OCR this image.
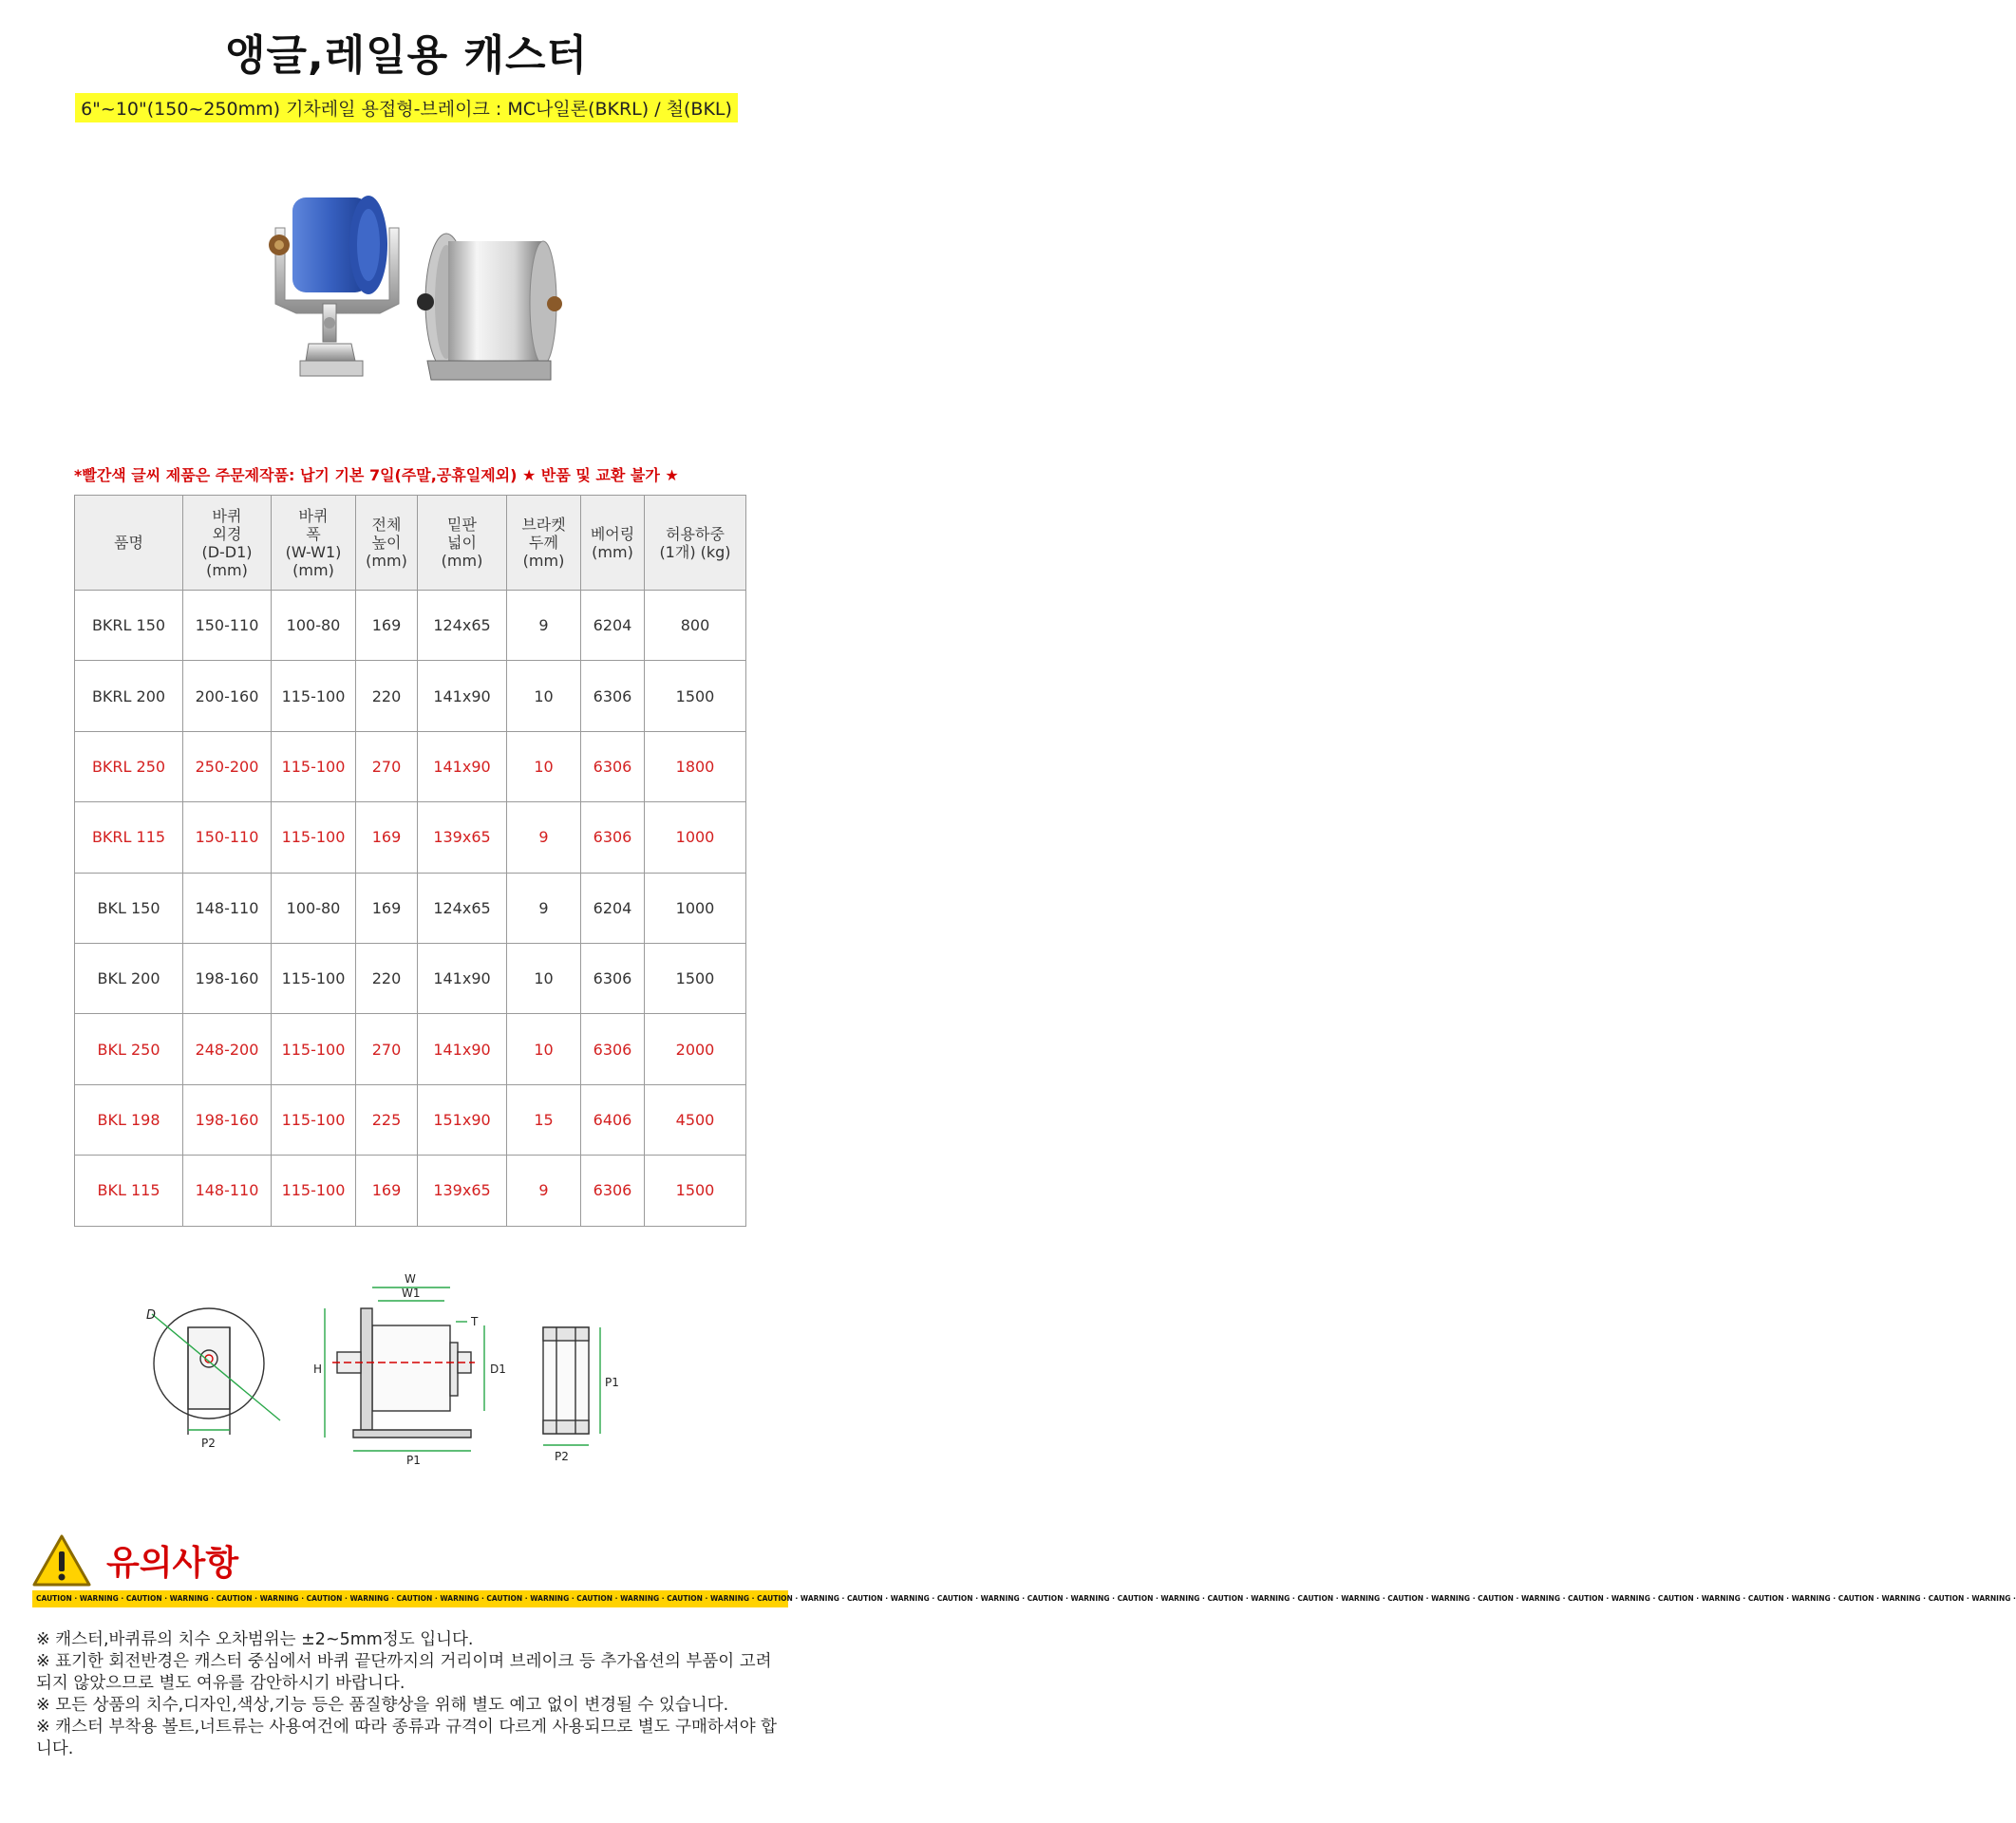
앵글,레일용 캐스터
6"~10"(150~250mm) 기차레일 용접형-브레이크 : MC나일론(BKRL) / 철(BKL)
*빨간색 글씨 제품은 주문제작품: 납기 기본 7일(주말,공휴일제외) ★ 반품 및 교환 불가 ★
품명	바퀴
외경
(D-D1)
(mm)	바퀴
폭
(W-W1)
(mm)	전체
높이
(mm)	밑판
넓이
(mm)	브라켓
두께
(mm)	베어링
(mm)	허용하중
(1개) (kg)
BKRL 150	150-110	100-80	169	124x65	9	6204	800
BKRL 200	200-160	115-100	220	141x90	10	6306	1500
BKRL 250	250-200	115-100	270	141x90	10	6306	1800
BKRL 115	150-110	115-100	169	139x65	9	6306	1000
BKL 150	148-110	100-80	169	124x65	9	6204	1000
BKL 200	198-160	115-100	220	141x90	10	6306	1500
BKL 250	248-200	115-100	270	141x90	10	6306	2000
BKL 198	198-160	115-100	225	151x90	15	6406	4500
BKL 115	148-110	115-100	169	139x65	9	6306	1500
D
P2
W
W1
T
H	D1
P1
P1
P2
유의사항
CAUTION · WARNING · CAUTION · WARNING · CAUTION · WARNING · CAUTION · WARNING · CAUTION · WARNING · CAUTION · WARNING · CAUTION · WARNING · CAUTION · WARNING · CAUTION · WARNING · CAUTION · WARNING · CAUTION · WARNING · CAUTION · WARNING · CAUTION · WARNING · CAUTION · WARNING · CAUTION · WARNING · CAUTION · WARNING · CAUTION · WARNING · CAUTION · WARNING · CAUTION · WARNING · CAUTION · WARNING · CAUTION · WARNING · CAUTION · WARNING ·

※ 캐스터,바퀴류의 치수 오차범위는 ±2~5mm정도 입니다.

※ 표기한 회전반경은 캐스터 중심에서 바퀴 끝단까지의 거리이며 브레이크 등 추가옵션의 부품이 고려되지 않았으므로 별도 여유를 감안하시기 바랍니다.

※ 모든 상품의 치수,디자인,색상,기능 등은 품질향상을 위해 별도 예고 없이 변경될 수 있습니다.

※ 캐스터 부착용 볼트,너트류는 사용여건에 따라 종류과 규격이 다르게 사용되므로 별도 구매하셔야 합니다.
